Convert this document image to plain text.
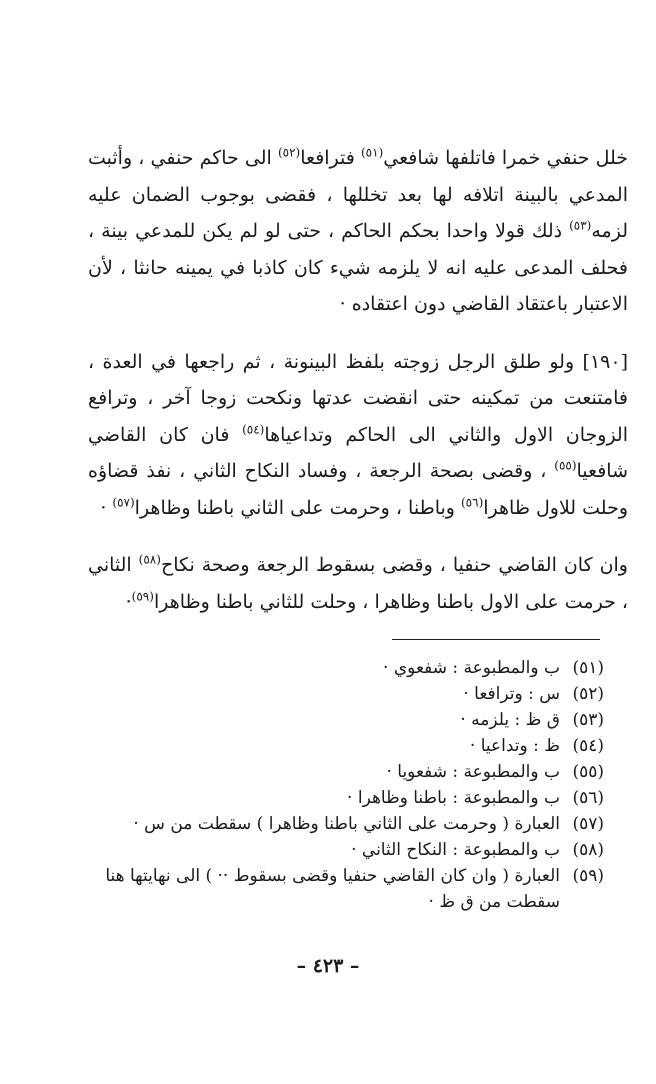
خلل حنفي خمرا فاتلفها شافعي$^{(٥١)}$ فترافعا$^{(٥٢)}$ الى حاكم حنفي ، وأثبت المدعي بالبينة اتلافه لها بعد تخللها ، فقضى بوجوب الضمان عليه لزمه$^{(٥٣)}$ ذلك قولا واحدا بحكم الحاكم ، حتى لو لم يكن للمدعي بينة ، فحلف المدعى عليه انه لا يلزمه شيء كان كاذبا في يمينه حانثا ، لأن الاعتبار باعتقاد القاضي دون اعتقاده ·

[١٩٠] ولو طلق الرجل زوجته بلفظ البينونة ، ثم راجعها في العدة ، فامتنعت من تمكينه حتى انقضت عدتها ونكحت زوجا آخر ، وترافع الزوجان الاول والثاني الى الحاكم وتداعياها$^{(٥٤)}$ فان كان القاضي شافعيا$^{(٥٥)}$ ، وقضى بصحة الرجعة ، وفساد النكاح الثاني ، نفذ قضاؤه وحلت للاول ظاهرا$^{(٥٦)}$ وباطنا ، وحرمت على الثاني باطنا وظاهرا$^{(٥٧)}$ ·

وان كان القاضي حنفيا ، وقضى بسقوط الرجعة وصحة نكاح$^{(٥٨)}$ الثاني ، حرمت على الاول باطنا وظاهرا ، وحلت للثاني باطنا وظاهرا$^{(٥٩)}$·

(٥١)
ب والمطبوعة : شفعوي ·
(٥٢)
س : وترافعا ·
(٥٣)
ق ظ : يلزمه ·
(٥٤)
ظ : وتداعيا ·
(٥٥)
ب والمطبوعة : شفعويا ·
(٥٦)
ب والمطبوعة : باطنا وظاهرا ·
(٥٧)
العبارة ( وحرمت على الثاني باطنا وظاهرا ) سقطت من س ·
(٥٨)
ب والمطبوعة : النكاح الثاني ·
(٥٩)
العبارة ( وان كان القاضي حنفيا وقضى بسقوط ·· ) الى نهايتها هنا سقطت من ق ظ ·
– ٤٢٣ –
